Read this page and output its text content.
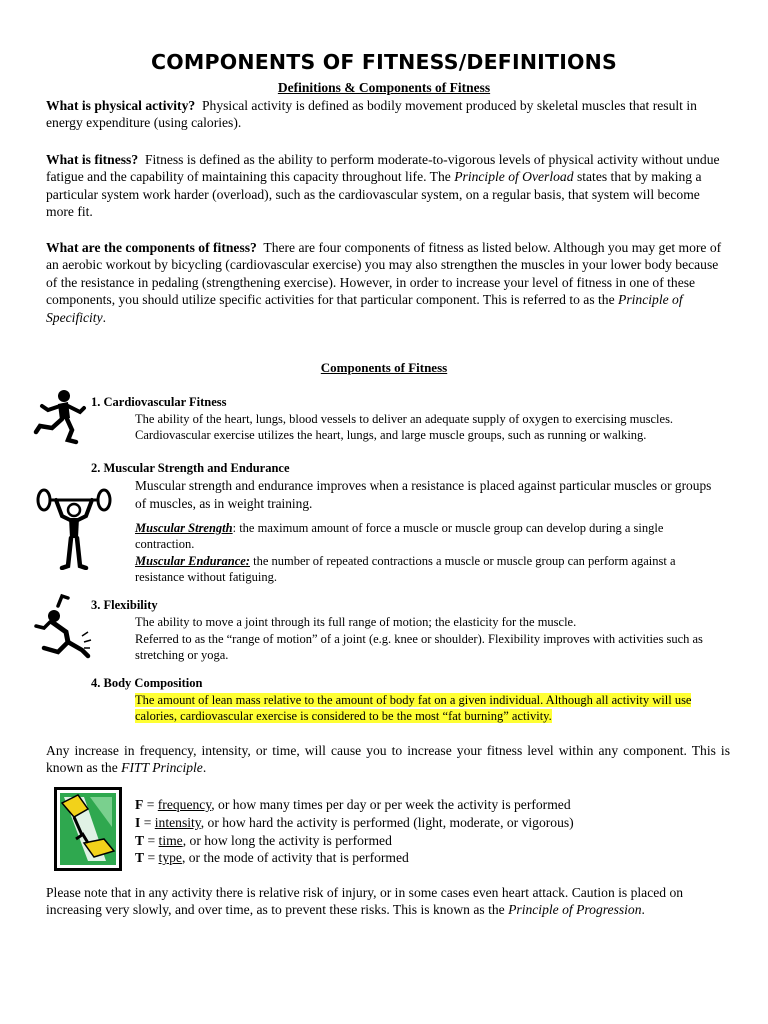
COMPONENTS OF FITNESS/DEFINITIONS
Definitions & Components of Fitness
What is physical activity? Physical activity is defined as bodily movement produced by skeletal muscles that result in energy expenditure (using calories).
What is fitness? Fitness is defined as the ability to perform moderate-to-vigorous levels of physical activity without undue fatigue and the capability of maintaining this capacity throughout life. The Principle of Overload states that by making a particular system work harder (overload), such as the cardiovascular system, on a regular basis, that system will become more fit.
What are the components of fitness? There are four components of fitness as listed below. Although you may get more of an aerobic workout by bicycling (cardiovascular exercise) you may also strengthen the muscles in your lower body because of the resistance in pedaling (strengthening exercise). However, in order to increase your level of fitness in one of these components, you should utilize specific activities for that particular component. This is referred to as the Principle of Specificity.
Components of Fitness
1. Cardiovascular Fitness
The ability of the heart, lungs, blood vessels to deliver an adequate supply of oxygen to exercising muscles. Cardiovascular exercise utilizes the heart, lungs, and large muscle groups, such as running or walking.
2. Muscular Strength and Endurance
Muscular strength and endurance improves when a resistance is placed against particular muscles or groups of muscles, as in weight training.
Muscular Strength: the maximum amount of force a muscle or muscle group can develop during a single contraction.
Muscular Endurance: the number of repeated contractions a muscle or muscle group can perform against a resistance without fatiguing.
3. Flexibility
The ability to move a joint through its full range of motion; the elasticity for the muscle.
Referred to as the “range of motion” of a joint (e.g. knee or shoulder). Flexibility improves with activities such as stretching or yoga.
4. Body Composition
The amount of lean mass relative to the amount of body fat on a given individual. Although all activity will use calories, cardiovascular exercise is considered to be the most “fat burning” activity.
Any increase in frequency, intensity, or time, will cause you to increase your fitness level within any component. This is known as the FITT Principle.
F = frequency, or how many times per day or per week the activity is performed
I = intensity, or how hard the activity is performed (light, moderate, or vigorous)
T = time, or how long the activity is performed
T = type, or the mode of activity that is performed
Please note that in any activity there is relative risk of injury, or in some cases even heart attack. Caution is placed on increasing very slowly, and over time, as to prevent these risks. This is known as the Principle of Progression.
